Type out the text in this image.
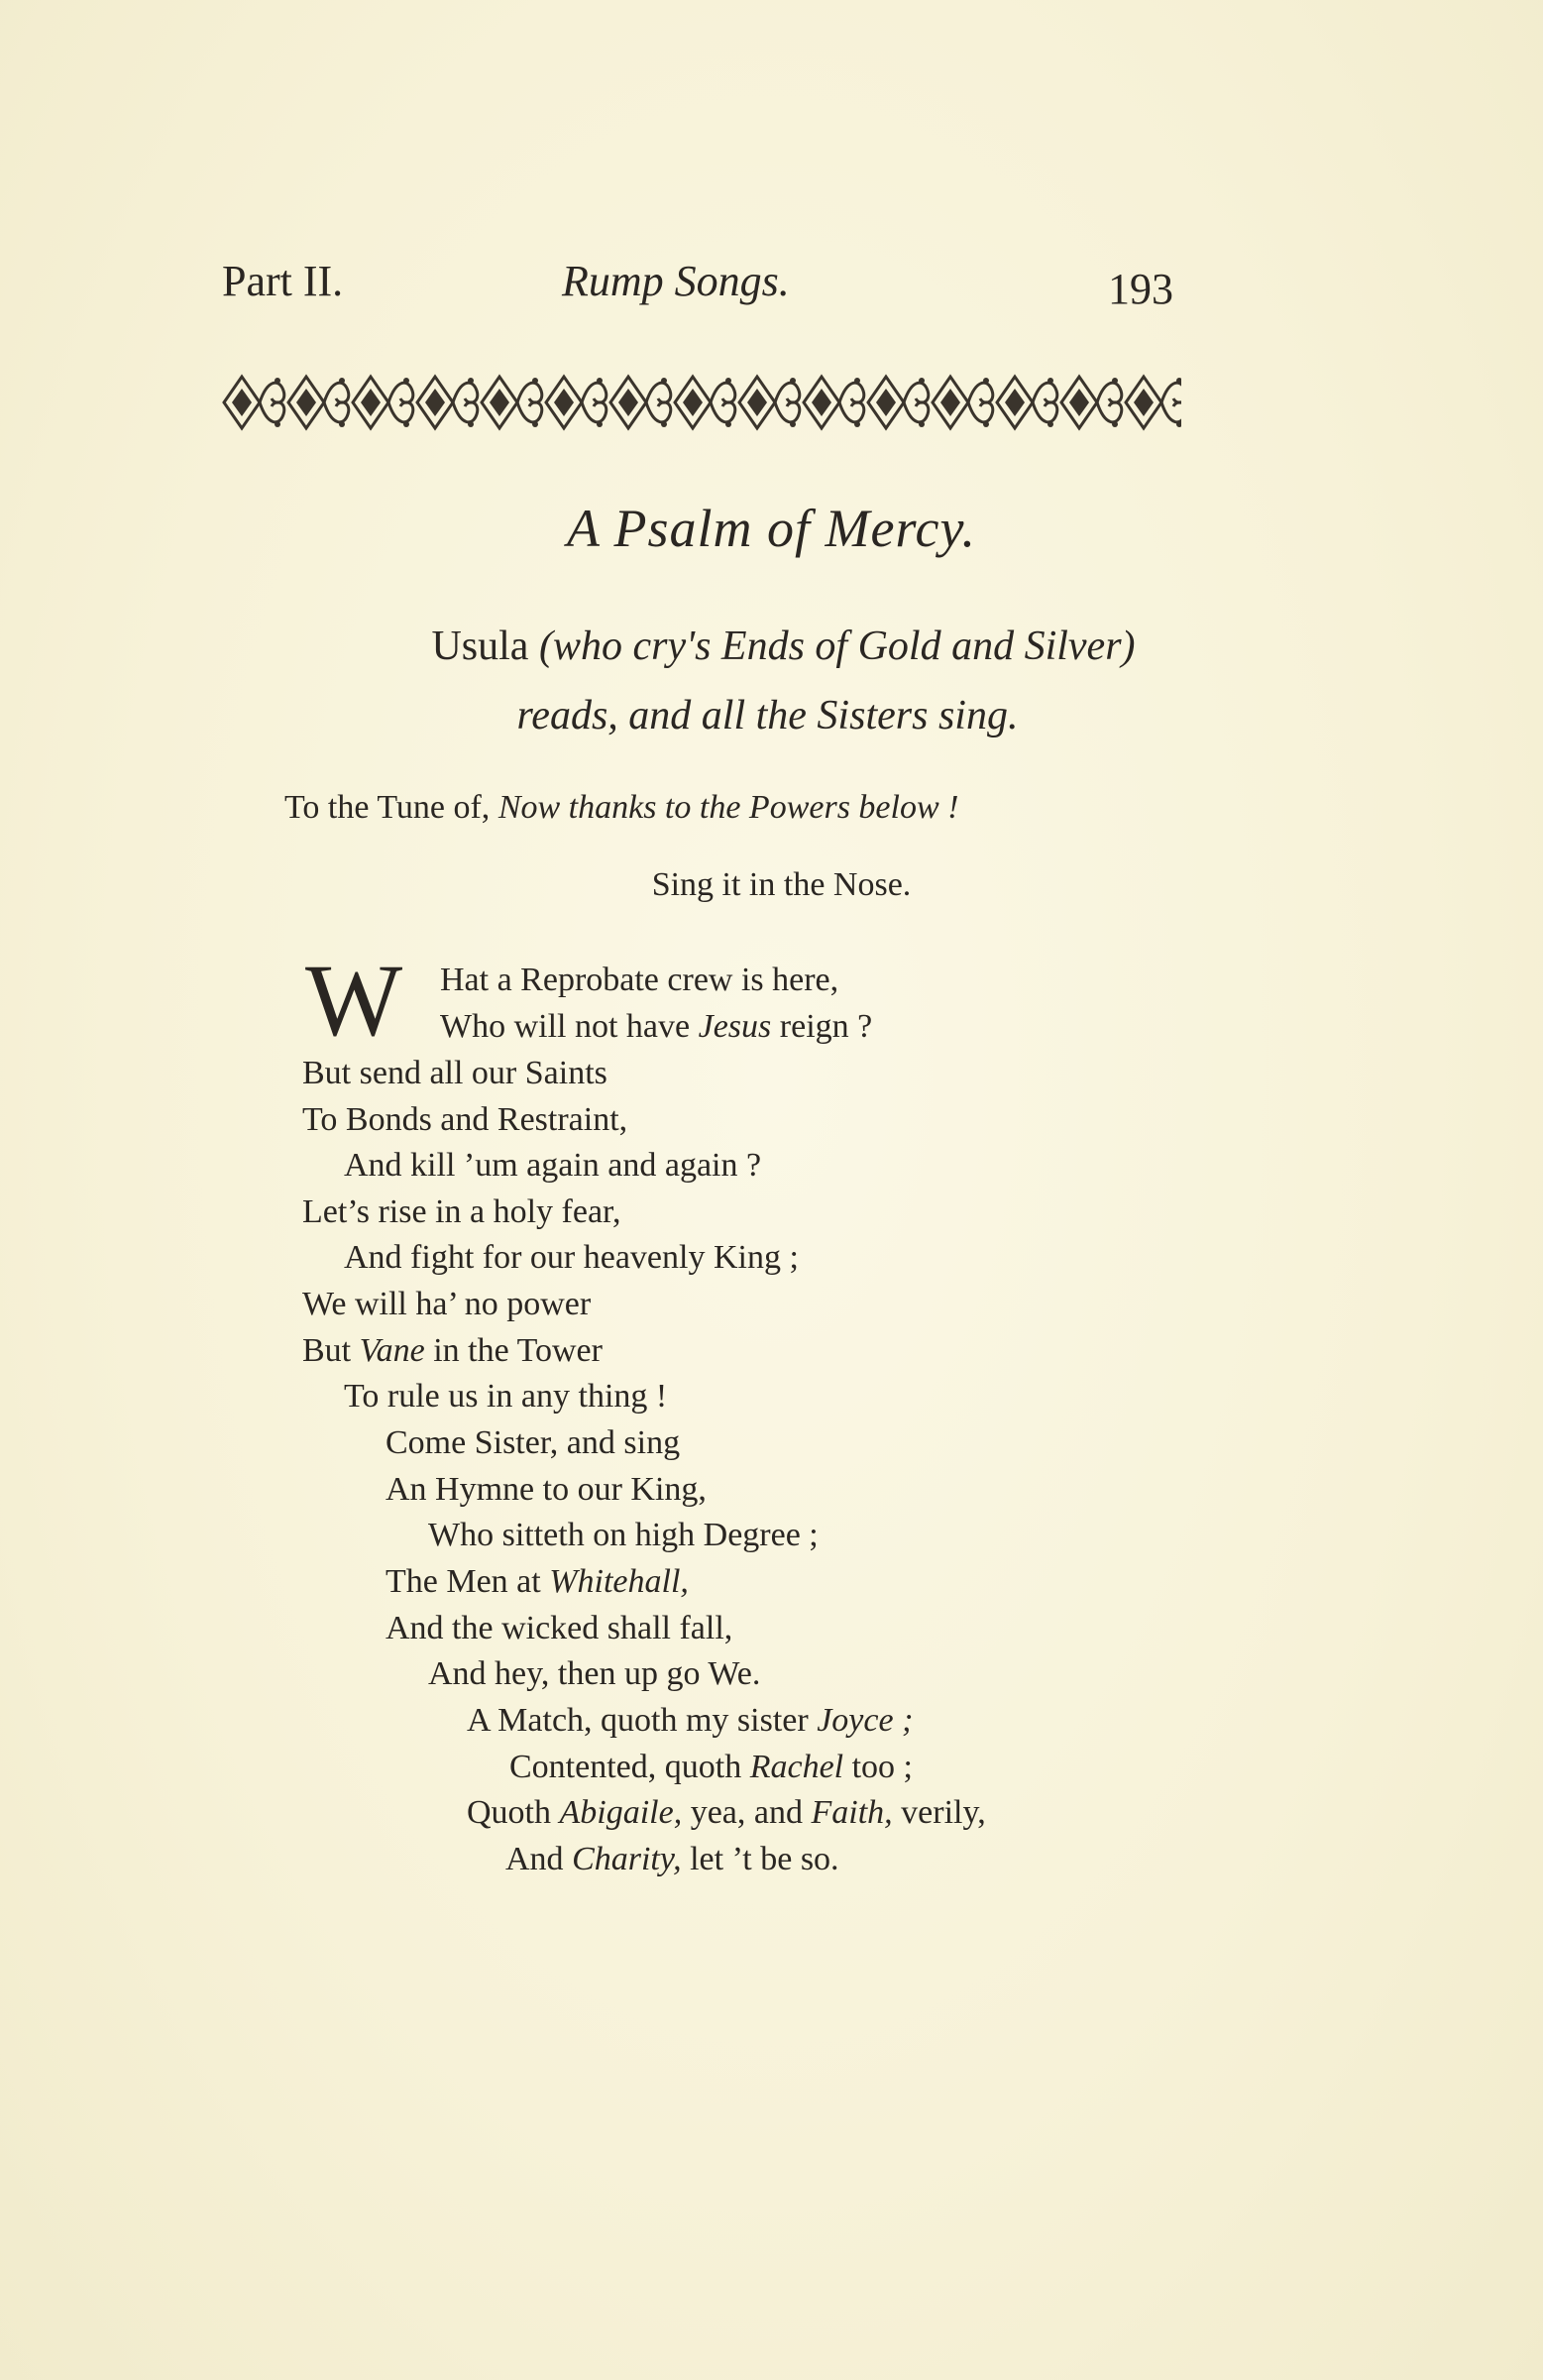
Part II.	Rump Songs.	193
A Psalm of Mercy.
Usula (who cry's Ends of Gold and Silver)
reads, and all the Sisters sing.
To the Tune of, Now thanks to the Powers below !
Sing it in the Nose.
W Hat a Reprobate crew is here,
Who will not have Jesus reign ?
But send all our Saints
To Bonds and Restraint,
And kill ’um again and again ?
Let’s rise in a holy fear,
And fight for our heavenly King ;
We will ha’ no power
But Vane in the Tower
To rule us in any thing !
Come Sister, and sing
An Hymne to our King,
Who sitteth on high Degree ;
The Men at Whitehall,
And the wicked shall fall,
And hey, then up go We.
A Match, quoth my sister Joyce ;
Contented, quoth Rachel too ;
Quoth Abigaile, yea, and Faith, verily,
And Charity, let ’t be so.
